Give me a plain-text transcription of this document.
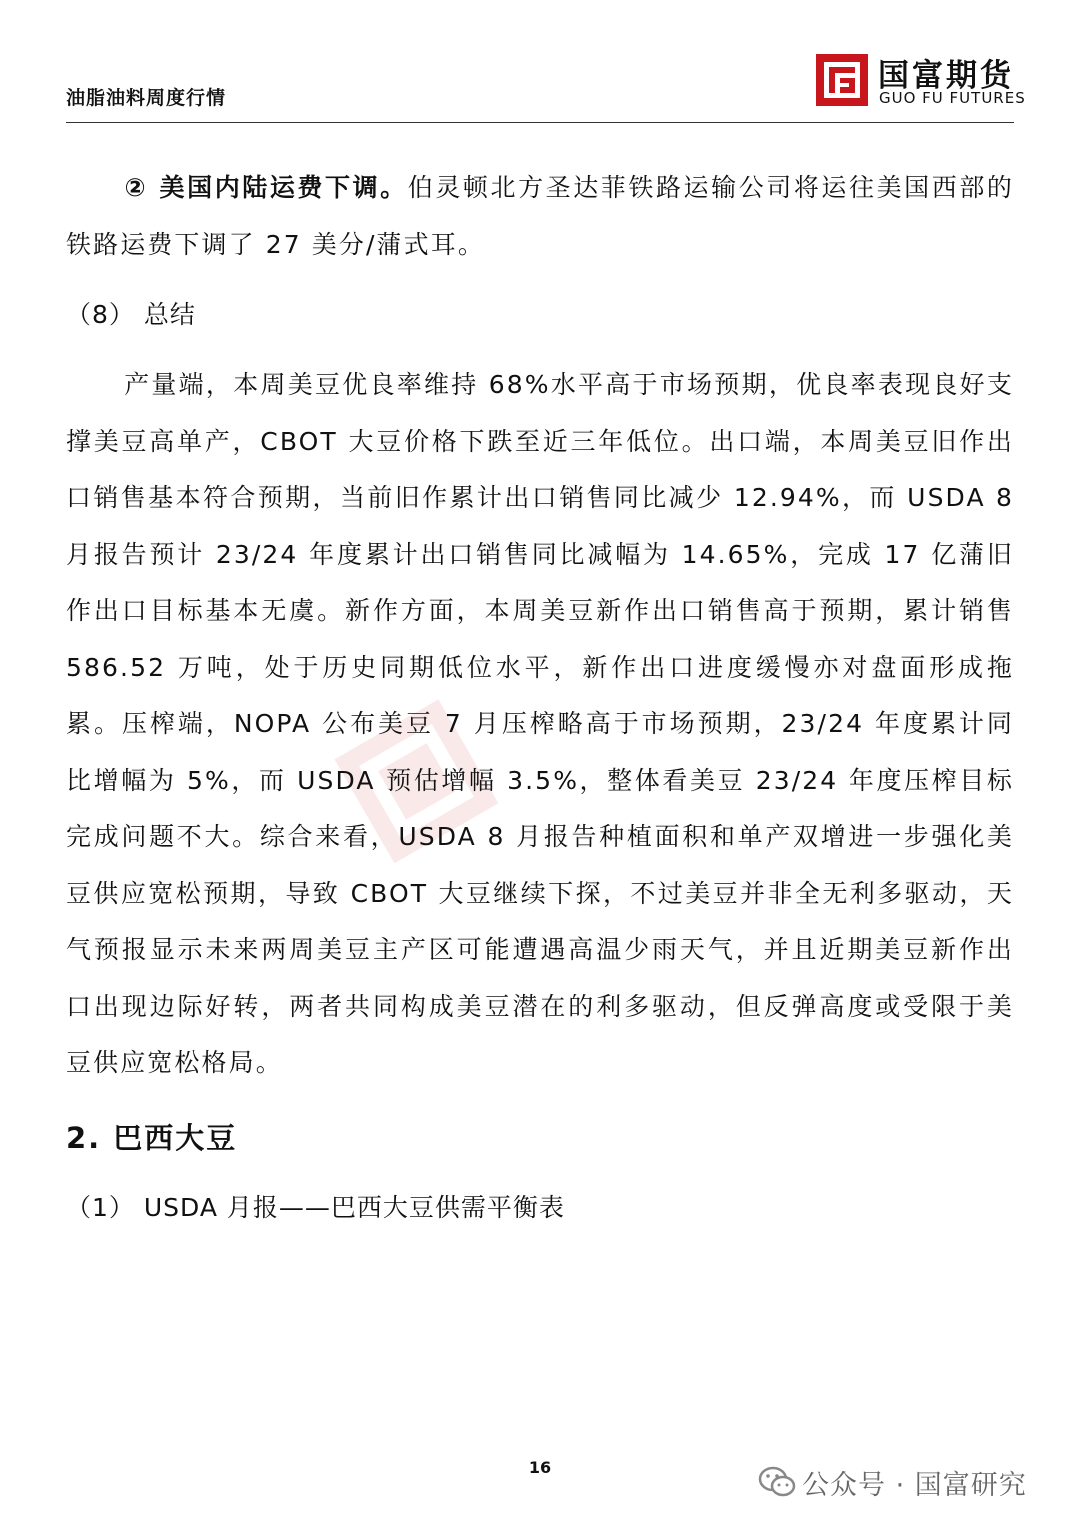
油脂油料周度行情
国富期货
GUO FU FUTURES

② 美国内陆运费下调。伯灵顿北方圣达菲铁路运输公司将运往美国西部的铁路运费下调了 27 美分/蒲式耳。

（8） 总结

产量端，本周美豆优良率维持 68%水平高于市场预期，优良率表现良好支撑美豆高单产，CBOT 大豆价格下跌至近三年低位。出口端，本周美豆旧作出口销售基本符合预期，当前旧作累计出口销售同比减少 12.94%，而 USDA 8 月报告预计 23/24 年度累计出口销售同比减幅为 14.65%，完成 17 亿蒲旧作出口目标基本无虞。新作方面，本周美豆新作出口销售高于预期，累计销售 586.52 万吨，处于历史同期低位水平，新作出口进度缓慢亦对盘面形成拖累。压榨端，NOPA 公布美豆 7 月压榨略高于市场预期，23/24 年度累计同比增幅为 5%，而 USDA 预估增幅 3.5%，整体看美豆 23/24 年度压榨目标完成问题不大。综合来看，USDA 8 月报告种植面积和单产双增进一步强化美豆供应宽松预期，导致 CBOT 大豆继续下探，不过美豆并非全无利多驱动，天气预报显示未来两周美豆主产区可能遭遇高温少雨天气，并且近期美豆新作出口出现边际好转，两者共同构成美豆潜在的利多驱动，但反弹高度或受限于美豆供应宽松格局。

2. 巴西大豆
（1） USDA 月报——巴西大豆供需平衡表
16
公众号 · 国富研究
